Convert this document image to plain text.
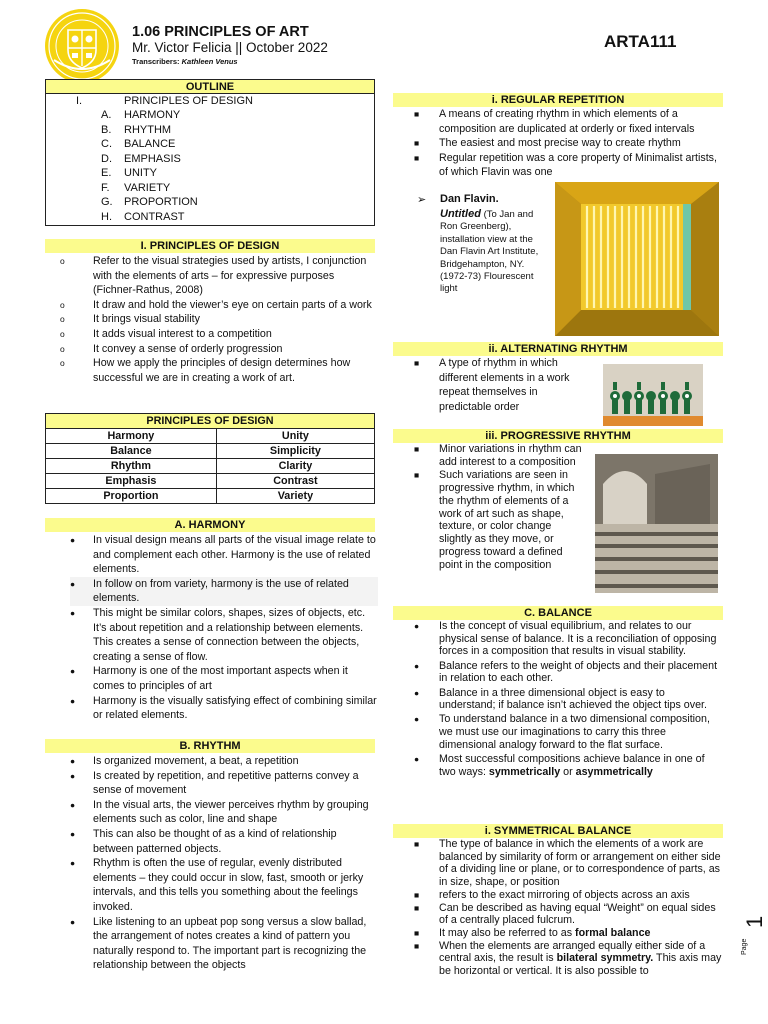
1.06 PRINCIPLES OF ART
Mr. Victor Felicia || October 2022
Transcribers: Kathleen Venus
ARTA111
OUTLINE
I.	PRINCIPLES OF DESIGN
A. HARMONY
B. RHYTHM
C. BALANCE
D. EMPHASIS
E. UNITY
F. VARIETY
G. PROPORTION
H. CONTRAST
I. PRINCIPLES OF DESIGN
o	Refer to the visual strategies used by artists, I conjunction with the elements of arts – for expressive purposes (Fichner-Rathus, 2008)
o	It draw and hold the viewer’s eye on certain parts of a work
o	It brings visual stability
o	It adds visual interest to a competition
o	It convey a sense of orderly progression
o	How we apply the principles of design determines how successful we are in creating a work of art.
PRINCIPLES OF DESIGN	
Harmony	Unity
Balance	Simplicity
Rhythm	Clarity
Emphasis	Contrast
Proportion	Variety
A. HARMONY
● In visual design means all parts of the visual image relate to and complement each other. Harmony is the use of related elements.
● In follow on from variety, harmony is the use of related elements.
● This might be similar colors, shapes, sizes of objects, etc. It’s about repetition and a relationship between elements. This creates a sense of connection between the objects, creating a sense of flow.
● Harmony is one of the most important aspects when it comes to principles of art
● Harmony is the visually satisfying effect of combining similar or related elements.
B. RHYTHM
● Is organized movement, a beat, a repetition
● Is created by repetition, and repetitive patterns convey a sense of movement
● In the visual arts, the viewer perceives rhythm by grouping elements such as color, line and shape
● This can also be thought of as a kind of relationship between patterned objects.
● Rhythm is often the use of regular, evenly distributed elements – they could occur in slow, fast, smooth or jerky intervals, and this tells you something about the feelings invoked.
● Like listening to an upbeat pop song versus a slow ballad, the arrangement of notes creates a kind of pattern you naturally respond to. The important part is recognizing the relationship between the objects
i. REGULAR REPETITION
■ A means of creating rhythm in which elements of a composition are duplicated at orderly or fixed intervals
■ The easiest and most precise way to create rhythm
■ Regular repetition was a core property of Minimalist artists, of which Flavin was one
➢ Dan Flavin.
Untitled (To Jan and Ron Greenberg), installation view at the Dan Flavin Art Institute, Bridgehampton, NY. (1972-73) Flourescent light
ii. ALTERNATING RHYTHM
■ A type of rhythm in which different elements in a work repeat themselves in predictable order
iii. PROGRESSIVE RHYTHM
■ Minor variations in rhythm can add interest to a composition
■ Such variations are seen in progressive rhythm, in which the rhythm of elements of a work of art such as shape, texture, or color change slightly as they move, or progress toward a defined point in the composition
C. BALANCE
● Is the concept of visual equilibrium, and relates to our physical sense of balance. It is a reconciliation of opposing forces in a composition that results in visual stability.
● Balance refers to the weight of objects and their placement in relation to each other.
● Balance in a three dimensional object is easy to understand; if balance isn’t achieved the object tips over.
● To understand balance in a two dimensional composition, we must use our imaginations to carry this three dimensional analogy forward to the flat surface.
● Most successful compositions achieve balance in one of two ways: symmetrically or asymmetrically
i. SYMMETRICAL BALANCE
■ The type of balance in which the elements of a work are balanced by similarity of form or arrangement on either side of a dividing line or plane, or to correspondence of parts, as in size, shape, or position
■ refers to the exact mirroring of objects across an axis
■ Can be described as having equal “Weight” on equal sides of a centrally placed fulcrum.
■ It may also be referred to as formal balance
■ When the elements are arranged equally either side of a central axis, the result is bilateral symmetry. This axis may be horizontal or vertical. It is also possible to
Page
1
